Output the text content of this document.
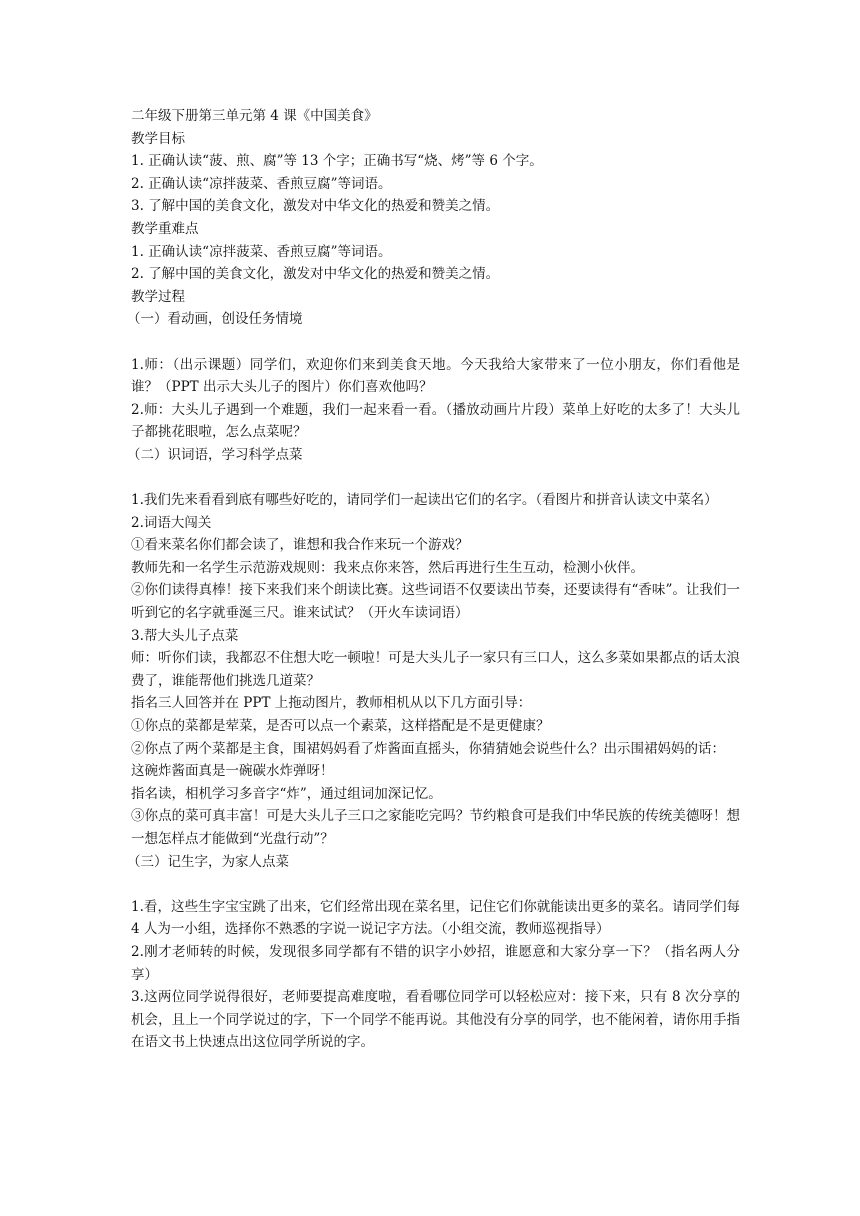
二年级下册第三单元第 4 课《中国美食》

教学目标

1. 正确认读“菠、煎、腐”等 13 个字；正确书写“烧、烤”等 6 个字。

2. 正确认读“凉拌菠菜、香煎豆腐”等词语。

3. 了解中国的美食文化，激发对中华文化的热爱和赞美之情。

教学重难点

1. 正确认读“凉拌菠菜、香煎豆腐”等词语。

2. 了解中国的美食文化，激发对中华文化的热爱和赞美之情。

教学过程

（一）看动画，创设任务情境

1.师：（出示课题）同学们，欢迎你们来到美食天地。今天我给大家带来了一位小朋友，你们看他是谁？（PPT 出示大头儿子的图片）你们喜欢他吗？

2.师：大头儿子遇到一个难题，我们一起来看一看。（播放动画片片段）菜单上好吃的太多了！大头儿子都挑花眼啦，怎么点菜呢？

（二）识词语，学习科学点菜

1.我们先来看看到底有哪些好吃的，请同学们一起读出它们的名字。（看图片和拼音认读文中菜名）

2.词语大闯关

①看来菜名你们都会读了，谁想和我合作来玩一个游戏？

教师先和一名学生示范游戏规则：我来点你来答，然后再进行生生互动，检测小伙伴。

②你们读得真棒！接下来我们来个朗读比赛。这些词语不仅要读出节奏，还要读得有“香味”。让我们一听到它的名字就垂涎三尺。谁来试试？（开火车读词语）

3.帮大头儿子点菜

师：听你们读，我都忍不住想大吃一顿啦！可是大头儿子一家只有三口人，这么多菜如果都点的话太浪费了，谁能帮他们挑选几道菜？

指名三人回答并在 PPT 上拖动图片，教师相机从以下几方面引导：

①你点的菜都是荤菜，是否可以点一个素菜，这样搭配是不是更健康？

②你点了两个菜都是主食，围裙妈妈看了炸酱面直摇头，你猜猜她会说些什么？出示围裙妈妈的话：

这碗炸酱面真是一碗碳水炸弹呀！

指名读，相机学习多音字“炸”，通过组词加深记忆。

③你点的菜可真丰富！可是大头儿子三口之家能吃完吗？节约粮食可是我们中华民族的传统美德呀！想一想怎样点才能做到“光盘行动”？

（三）记生字，为家人点菜

1.看，这些生字宝宝跳了出来，它们经常出现在菜名里，记住它们你就能读出更多的菜名。请同学们每 4 人为一小组，选择你不熟悉的字说一说记字方法。（小组交流，教师巡视指导）

2.刚才老师转的时候，发现很多同学都有不错的识字小妙招，谁愿意和大家分享一下？（指名两人分享）

3.这两位同学说得很好，老师要提高难度啦，看看哪位同学可以轻松应对：接下来，只有 8 次分享的机会，且上一个同学说过的字，下一个同学不能再说。其他没有分享的同学，也不能闲着，请你用手指在语文书上快速点出这位同学所说的字。
